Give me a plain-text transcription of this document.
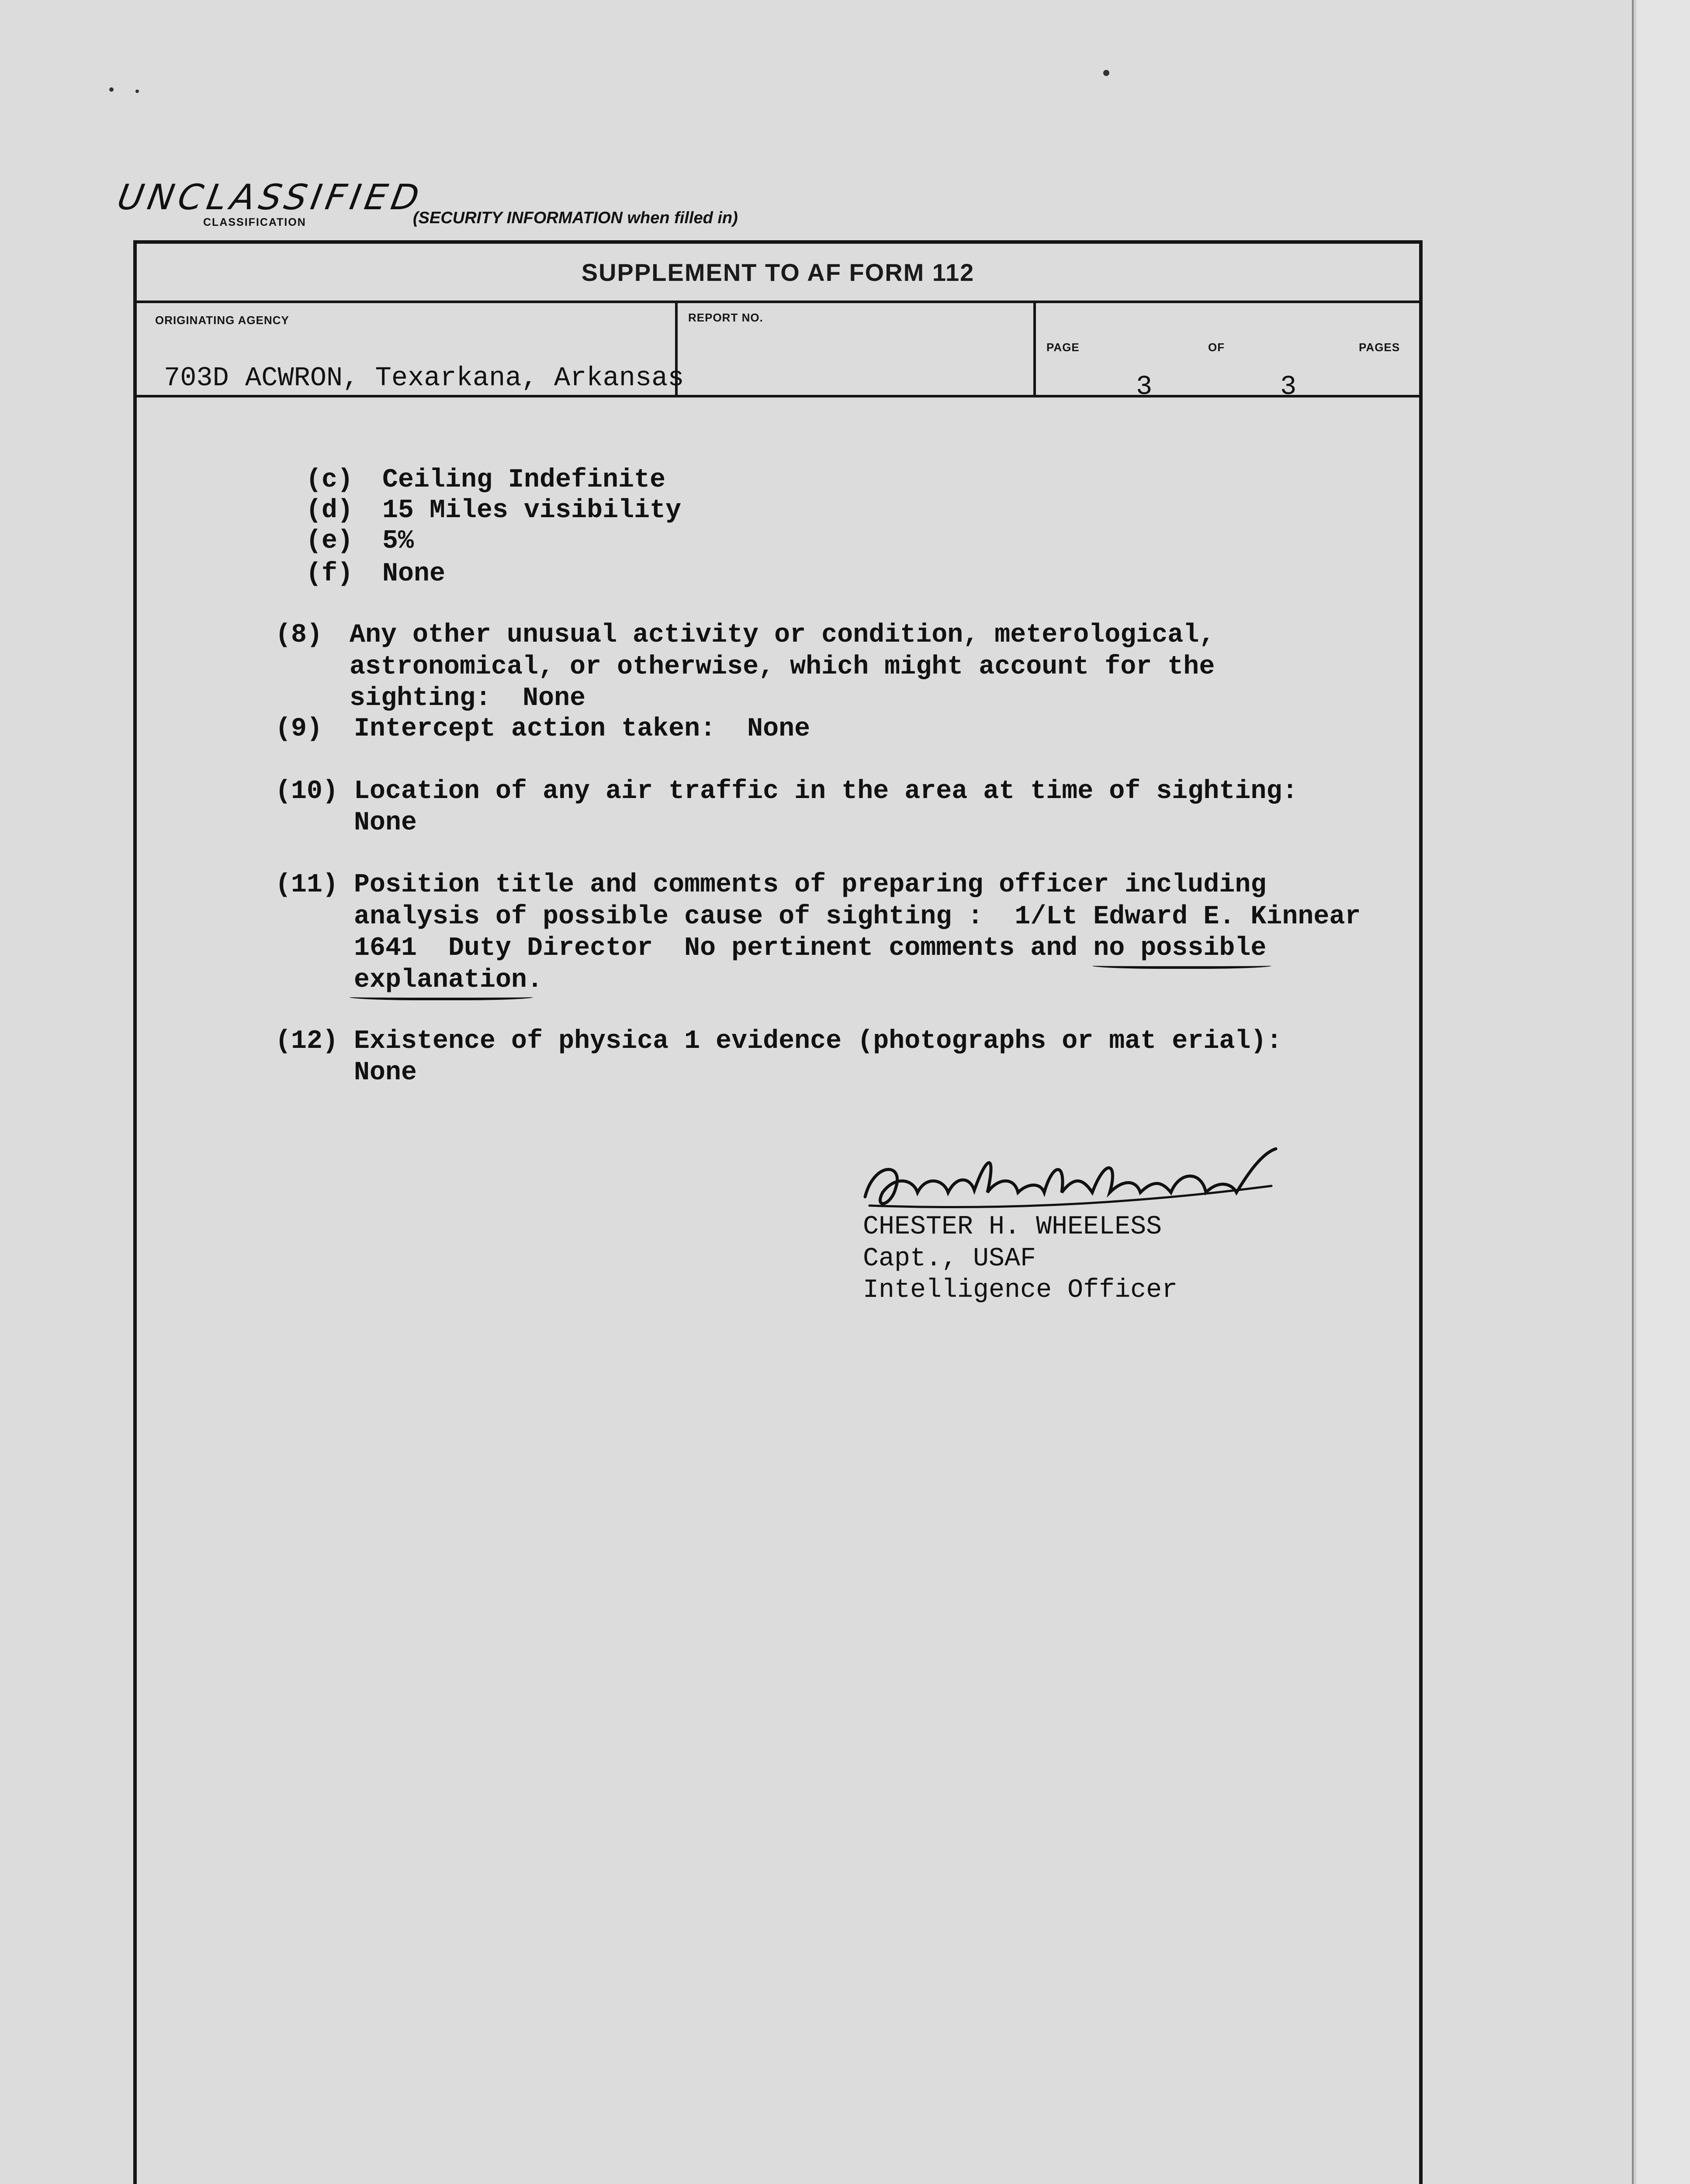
UNCLASSIFIED
CLASSIFICATION	(SECURITY INFORMATION when filled in)
SUPPLEMENT TO AF FORM 112
ORIGINATING AGENCY
703D ACWRON, Texarkana, Arkansas
REPORT NO.
PAGE	OF	PAGES
3	3
(c) Ceiling Indefinite
(d) 15 Miles visibility
(e) 5%
(f) None
(8) Any other unusual activity or condition, meterological,
astronomical, or otherwise, which might account for the
sighting:  None
(9) Intercept action taken:  None
(10) Location of any air traffic in the area at time of sighting:
None
(11) Position title and comments of preparing officer including
analysis of possible cause of sighting :  1/Lt Edward E. Kinnear
1641  Duty Director  No pertinent comments and no possible
explanation.
(12) Existence of physica 1 evidence (photographs or mat erial):
None
CHESTER H. WHEELESS
Capt., USAF
Intelligence Officer
